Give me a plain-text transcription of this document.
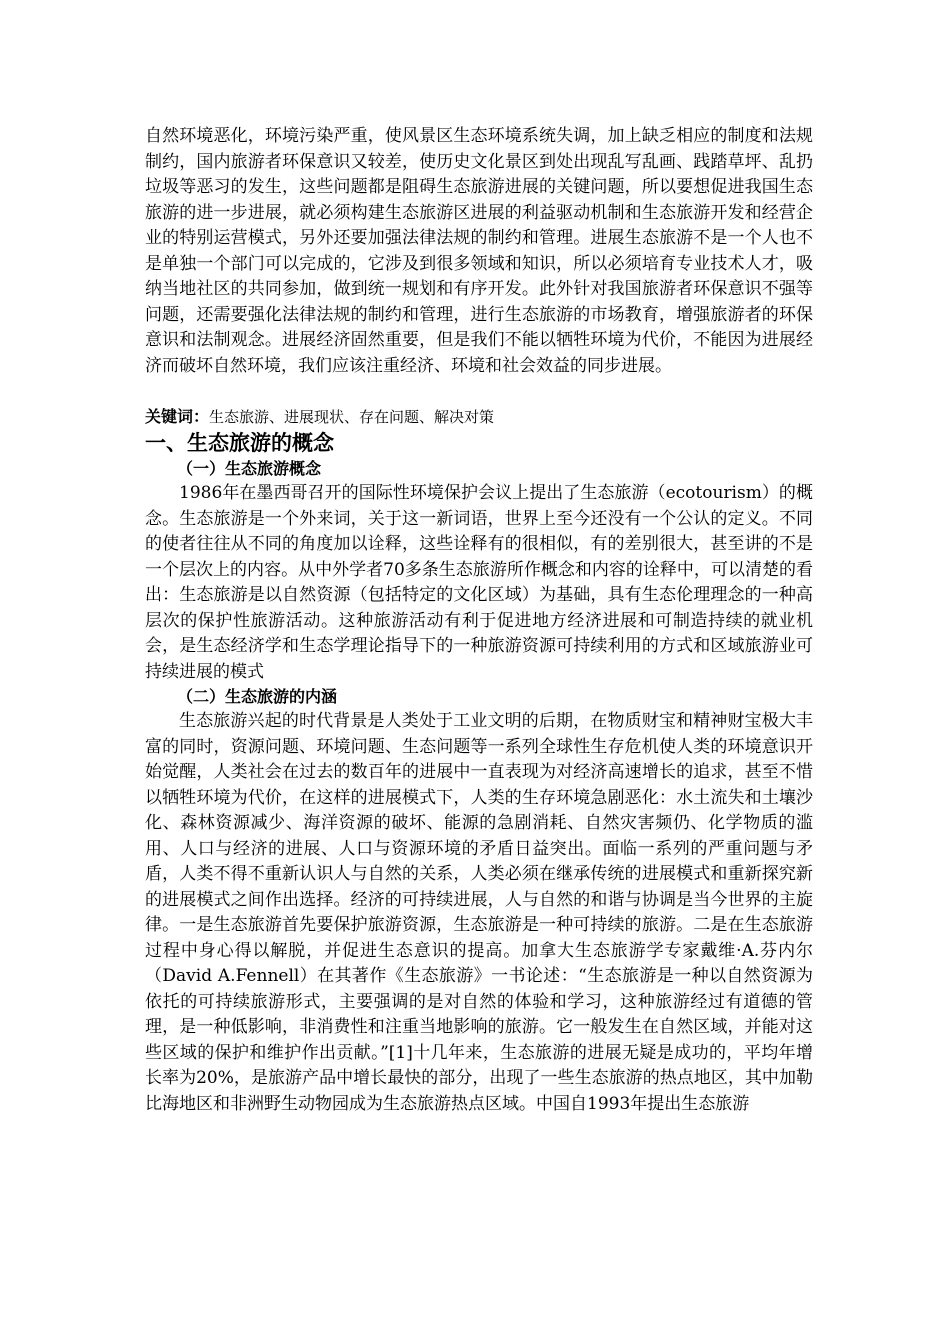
自然环境恶化，环境污染严重，使风景区生态环境系统失调，加上缺乏相应的制度和法规制约，国内旅游者环保意识又较差，使历史文化景区到处出现乱写乱画、践踏草坪、乱扔垃圾等恶习的发生，这些问题都是阻碍生态旅游进展的关键问题，所以要想促进我国生态旅游的进一步进展，就必须构建生态旅游区进展的利益驱动机制和生态旅游开发和经营企业的特别运营模式，另外还要加强法律法规的制约和管理。进展生态旅游不是一个人也不是单独一个部门可以完成的，它涉及到很多领域和知识，所以必须培育专业技术人才，吸纳当地社区的共同参加，做到统一规划和有序开发。此外针对我国旅游者环保意识不强等问题，还需要强化法律法规的制约和管理，进行生态旅游的市场教育，增强旅游者的环保意识和法制观念。进展经济固然重要，但是我们不能以牺牲环境为代价，不能因为进展经济而破坏自然环境，我们应该注重经济、环境和社会效益的同步进展。

关键词：生态旅游、进展现状、存在问题、解决对策

一、生态旅游的概念
（一）生态旅游概念

1986年在墨西哥召开的国际性环境保护会议上提出了生态旅游（ecotourism）的概念。生态旅游是一个外来词，关于这一新词语，世界上至今还没有一个公认的定义。不同的使者往往从不同的角度加以诠释，这些诠释有的很相似，有的差别很大，甚至讲的不是一个层次上的内容。从中外学者70多条生态旅游所作概念和内容的诠释中，可以清楚的看出：生态旅游是以自然资源（包括特定的文化区域）为基础，具有生态伦理理念的一种高层次的保护性旅游活动。这种旅游活动有利于促进地方经济进展和可制造持续的就业机会，是生态经济学和生态学理论指导下的一种旅游资源可持续利用的方式和区域旅游业可持续进展的模式

（二）生态旅游的内涵

生态旅游兴起的时代背景是人类处于工业文明的后期，在物质财宝和精神财宝极大丰富的同时，资源问题、环境问题、生态问题等一系列全球性生存危机使人类的环境意识开始觉醒，人类社会在过去的数百年的进展中一直表现为对经济高速增长的追求，甚至不惜以牺牲环境为代价，在这样的进展模式下，人类的生存环境急剧恶化：水土流失和土壤沙化、森林资源减少、海洋资源的破坏、能源的急剧消耗、自然灾害频仍、化学物质的滥用、人口与经济的进展、人口与资源环境的矛盾日益突出。面临一系列的严重问题与矛盾，人类不得不重新认识人与自然的关系，人类必须在继承传统的进展模式和重新探究新的进展模式之间作出选择。经济的可持续进展，人与自然的和谐与协调是当今世界的主旋律。一是生态旅游首先要保护旅游资源，生态旅游是一种可持续的旅游。二是在生态旅游过程中身心得以解脱，并促进生态意识的提高。加拿大生态旅游学专家戴维·A.芬内尔（David A.Fennell）在其著作《生态旅游》一书论述：“生态旅游是一种以自然资源为依托的可持续旅游形式，主要强调的是对自然的体验和学习，这种旅游经过有道德的管理，是一种低影响，非消费性和注重当地影响的旅游。它一般发生在自然区域，并能对这些区域的保护和维护作出贡献。”[1]十几年来，生态旅游的进展无疑是成功的，平均年增长率为20%，是旅游产品中增长最快的部分，出现了一些生态旅游的热点地区，其中加勒比海地区和非洲野生动物园成为生态旅游热点区域。中国自1993年提出生态旅游
